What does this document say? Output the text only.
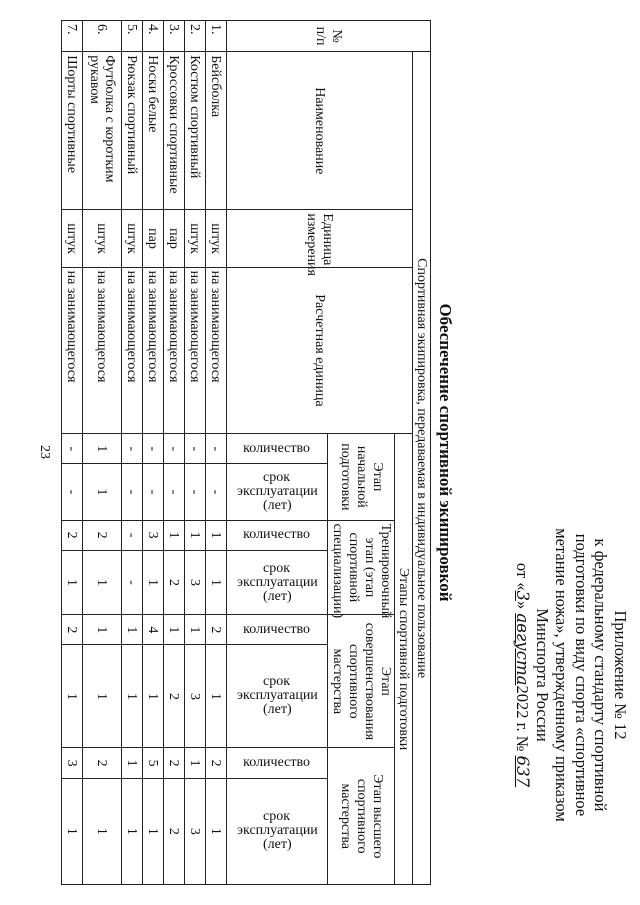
23
Приложение № 12
к федеральному стандарту спортивной
подготовки по виду спорта «спортивное
метание ножа», утвержденному приказом
Минспорта России
от «3» августа2022 г. № 637
Обеспечение спортивной экипировкой
№ п/п	Спортивная экипировка, передаваемая в индивидуальное пользование										
	Наименование	Единица измерения	Расчетная единица	Этапы спортивной подготовки							
				Этап начальной подготовки		Тренировочный этап (этап спортивной специализации)		Этап совершенствования спортивного мастерства		Этап высшего спортивного мастерства	

				количество	срок эксплуатации (лет)	количество	срок эксплуатации (лет)	количество	срок эксплуатации (лет)	количество	срок эксплуатации (лет)

1.	Бейсболка	штук	на занимающегося	-	-	1	1	2	1	2	1
2.	Костюм спортивный	штук	на занимающегося	-	-	1	3	1	3	1	3
3.	Кроссовки спортивные	пар	на занимающегося	-	-	1	2	1	2	2	2
4.	Носки белые	пар	на занимающегося	-	-	3	1	4	1	5	1
5.	Рюкзак спортивный	штук	на занимающегося	-	-	-	-	1	1	1	1
6.	Футболка с коротким рукавом	штук	на занимающегося	1	1	2	1	1	1	2	1
7.	Шорты спортивные	штук	на занимающегося	-	-	2	1	2	1	3	1
